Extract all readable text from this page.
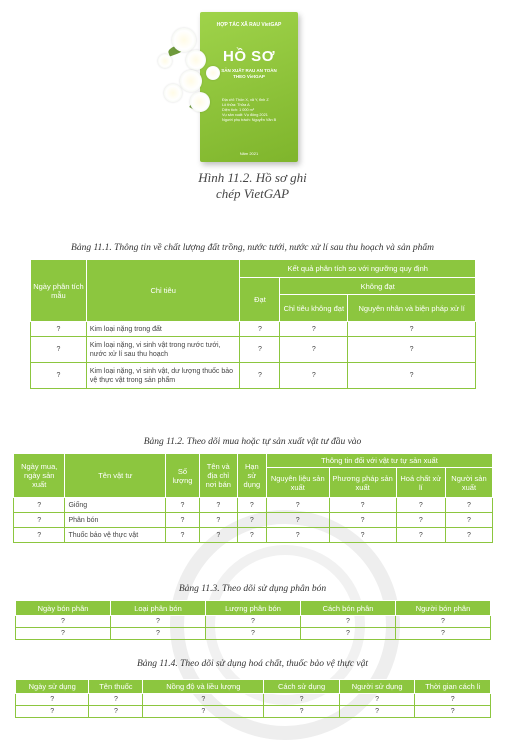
HỢP TÁC XÃ RAU VietGAP
HỒ SƠ
SẢN XUẤT RAU AN TOÀN
THEO VietGAP
Địa chỉ: Thôn X, xã Y, tỉnh Z
Lô thửa: Thửa A
Diện tích: 1 000 m²
Vụ sản xuất: Vụ đông 2021
Người phụ trách: Nguyễn Văn B
Năm 2021
Hình 11.2. Hồ sơ ghi
chép VietGAP
Bảng 11.1. Thông tin về chất lượng đất trồng, nước tưới, nước xử lí sau thu hoạch và sản phẩm
Ngày phân tích mẫu	Chỉ tiêu	Kết quả phân tích so với ngưỡng quy định		
		Đạt	Không đạt	
			Chỉ tiêu không đạt	Nguyên nhân và biện pháp xử lí
?	Kim loại nặng trong đất	?	?	?
?	Kim loại nặng, vi sinh vật trong nước tưới, nước xử lí sau thu hoạch	?	?	?
?	Kim loại nặng, vi sinh vật, dư lượng thuốc bảo vệ thực vật trong sản phẩm	?	?	?
Bảng 11.2. Theo dõi mua hoặc tự sản xuất vật tư đầu vào
Ngày mua, ngày sản xuất	Tên vật tư	Số lượng	Tên và địa chỉ nơi bán	Hạn sử dụng	Thông tin đối với vật tư tự sản xuất			
					Nguyên liệu sản xuất	Phương pháp sản xuất	Hoá chất xử lí	Người sản xuất
?	Giống	?	?	?	?	?	?	?
?	Phân bón	?	?	?	?	?	?	?
?	Thuốc bảo vệ thực vật	?	?	?	?	?	?	?
Bảng 11.3. Theo dõi sử dụng phân bón
Ngày bón phân	Loại phân bón	Lượng phân bón	Cách bón phân	Người bón phân
?	?	?	?	?
?	?	?	?	?
Bảng 11.4. Theo dõi sử dụng hoá chất, thuốc bảo vệ thực vật
Ngày sử dụng	Tên thuốc	Nồng độ và liều lượng	Cách sử dụng	Người sử dụng	Thời gian cách li
?	?	?	?	?	?
?	?	?	?	?	?
